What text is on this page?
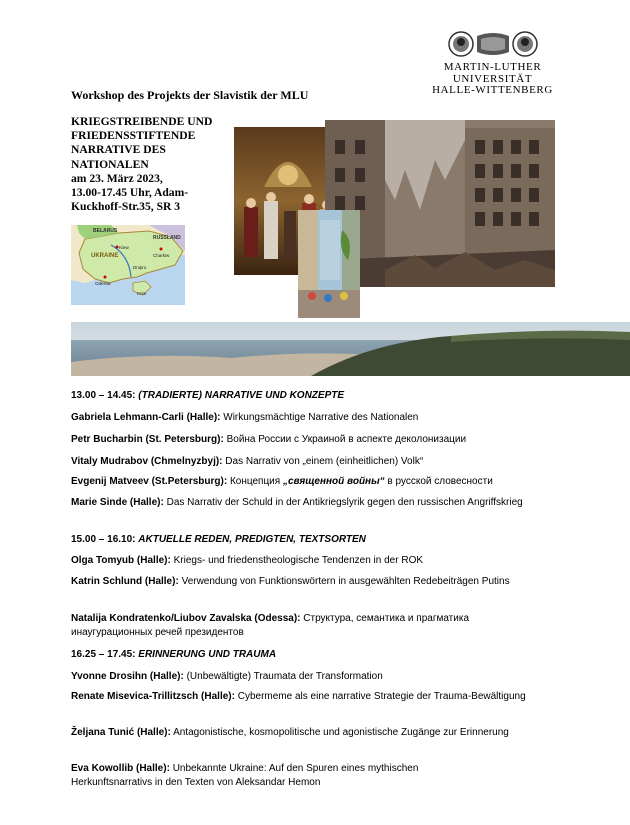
MARTIN-LUTHER
UNIVERSITÄT
HALLE-WITTENBERG
Workshop des Projekts der Slavistik der MLU
KRIEGSTREIBENDE UND
FRIEDENSSTIFTENDE
NARRATIVE DES
NATIONALEN
am 23. März 2023,
13.00-17.45 Uhr, Adam-
Kuckhoff-Str.35, SR 3
BELARUS
RUSSLAND
UKRAINE
Kiew
Charkiw
Dnipro
Odessa
Krim
13.00 – 14.45: (TRADIERTE) NARRATIVE UND KONZEPTE
Gabriela Lehmann-Carli (Halle): Wirkungsmächtige Narrative des Nationalen
Petr Bucharbin (St. Petersburg): Война России с Украиной в аспекте деколонизации
Vitaly Mudrabov (Chmelnyzbyj): Das Narrativ von „einem (einheitlichen) Volk“
Evgenij Matveev (St.Petersburg): Концепция „священной войны“ в русской словесности
Marie Sinde (Halle): Das Narrativ der Schuld in der Antikriegslyrik gegen den russischen Angriffskrieg
15.00 – 16.10: AKTUELLE REDEN, PREDIGTEN, TEXTSORTEN
Olga Tomyub (Halle): Kriegs- und friedenstheologische Tendenzen in der ROK
Katrin Schlund (Halle): Verwendung von Funktionswörtern in ausgewählten Redebeiträgen Putins
Natalija Kondratenko/Liubov Zavalska (Odessa): Структура, семантика и прагматика инаугурационных речей президентов
16.25 – 17.45: ERINNERUNG UND TRAUMA
Yvonne Drosihn (Halle): (Unbewältigte) Traumata der Transformation
Renate Misevica-Trillitzsch (Halle): Cybermeme als eine narrative Strategie der Trauma-Bewältigung
Željana Tunić (Halle): Antagonistische, kosmopolitische und agonistische Zugänge zur Erinnerung
Eva Kowollib (Halle): Unbekannte Ukraine: Auf den Spuren eines mythischen Herkunftsnarrativs in den Texten von Aleksandar Hemon
